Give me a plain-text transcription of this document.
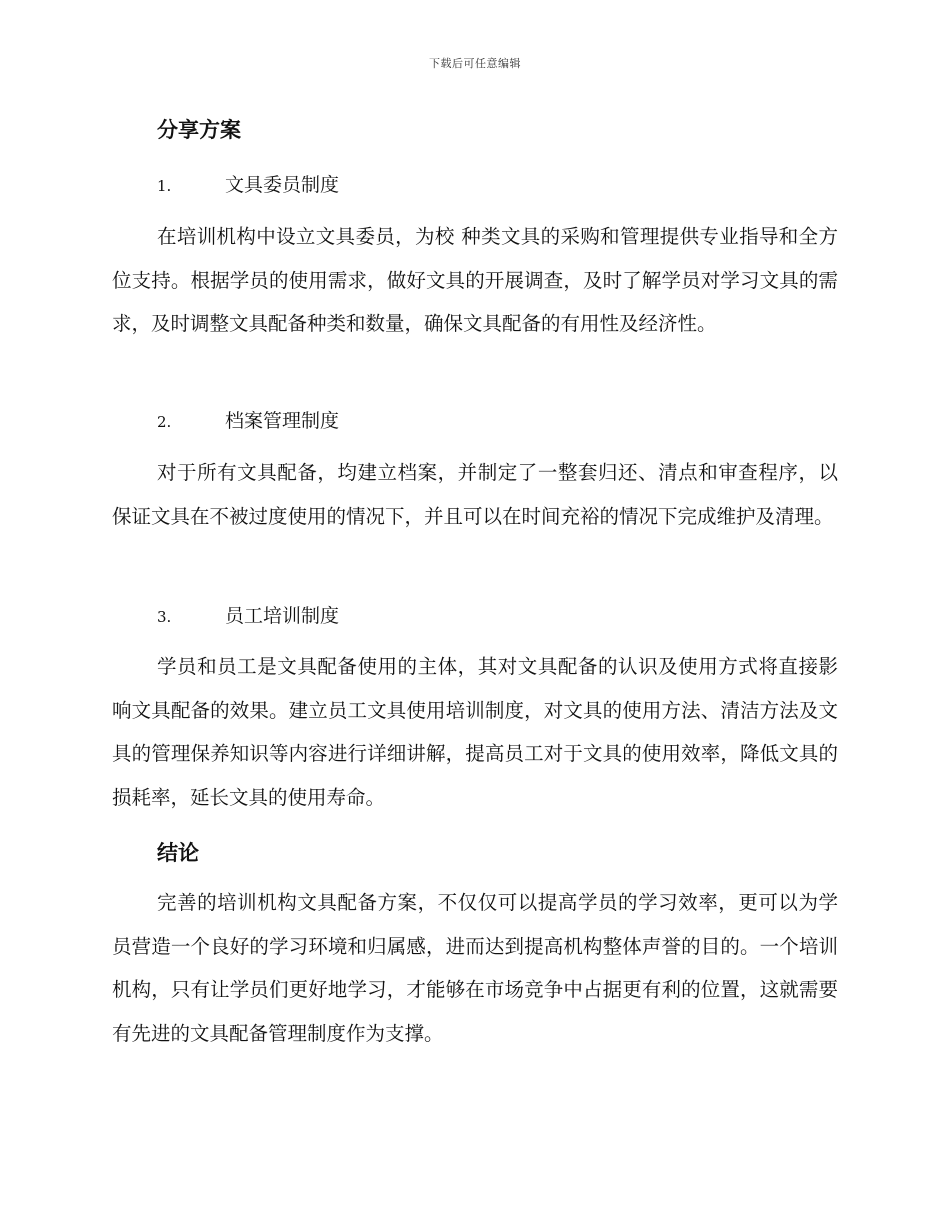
下载后可任意编辑
分享方案
1.	文具委员制度

在培训机构中设立文具委员，为校 种类文具的采购和管理提供专业指导和全方位支持。根据学员的使用需求，做好文具的开展调查，及时了解学员对学习文具的需求，及时调整文具配备种类和数量，确保文具配备的有用性及经济性。

2.	档案管理制度

对于所有文具配备，均建立档案，并制定了一整套归还、清点和审查程序，以保证文具在不被过度使用的情况下，并且可以在时间充裕的情况下完成维护及清理。

3.	员工培训制度

学员和员工是文具配备使用的主体，其对文具配备的认识及使用方式将直接影响文具配备的效果。建立员工文具使用培训制度，对文具的使用方法、清洁方法及文具的管理保养知识等内容进行详细讲解，提高员工对于文具的使用效率，降低文具的损耗率，延长文具的使用寿命。

结论

完善的培训机构文具配备方案，不仅仅可以提高学员的学习效率，更可以为学员营造一个良好的学习环境和归属感，进而达到提高机构整体声誉的目的。一个培训机构，只有让学员们更好地学习，才能够在市场竞争中占据更有利的位置，这就需要有先进的文具配备管理制度作为支撑。
